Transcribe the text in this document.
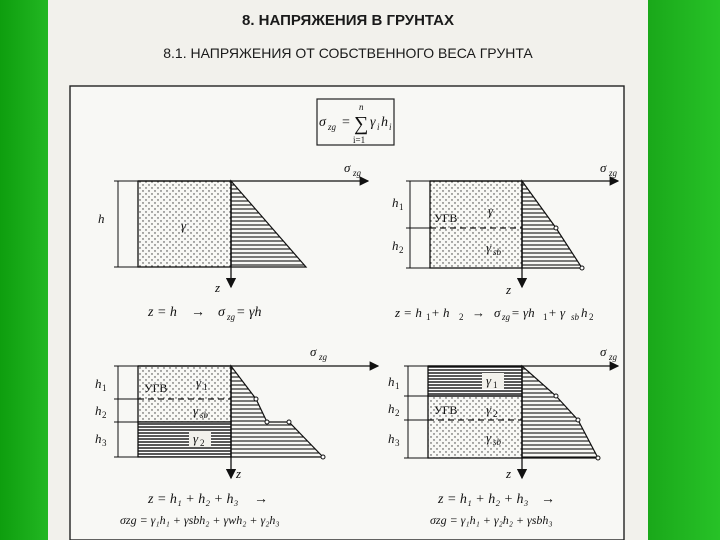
8. НАПРЯЖЕНИЯ В ГРУНТАХ
8.1. НАПРЯЖЕНИЯ ОТ СОБСТВЕННОГО ВЕСА ГРУНТА
σ zg = ∑
n
i=1
γ i h i
σ zg
z
h	γ
z = h → σ zg = γh
σ zg
z
h 1
h 2
УГВ γ
γ sb
z = h 1 + h 2 → σ zg = γh 1 + γ sb h 2
σ zg
z
h 1
h 2
h 3
УГВ γ 1
γ sb
γ 2
z = h₁ + h₂ + h₃ →
σzg = γ₁h₁ + γsbh₂ + γwh₂ + γ₂h₃
σ zg
z
h 1
h 2
h 3
γ 1
УГВ γ 2
γ sb
z = h₁ + h₂ + h₃ →
σzg = γ₁h₁ + γ₂h₂ + γsbh₃
